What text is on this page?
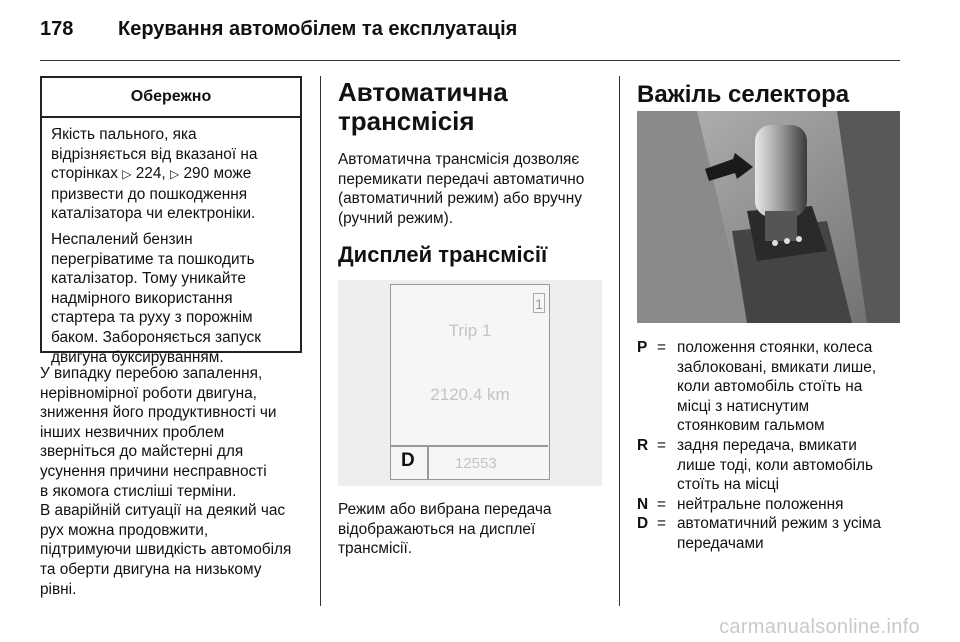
178 Керування автомобілем та експлуатація
Обережно

Якість пального, яка
відрізняється від вказаної на
сторінках ▷ 224, ▷ 290 може
призвести до пошкодження
каталізатора чи електроніки.

Неспалений бензин
перегріватиме та пошкодить
каталізатор. Тому уникайте
надмірного використання
стартера та руху з порожнім
баком. Забороняється запуск
двигуна буксируванням.

У випадку перебою запалення,
нерівномірної роботи двигуна,
зниження його продуктивності чи
інших незвичних проблем
зверніться до майстерні для
усунення причини несправності
в якомога стисліші терміни.
В аварійній ситуації на деякий час
рух можна продовжити,
підтримуючи швидкість автомобіля
та оберти двигуна на низькому
рівні.
Автоматична
трансмісія

Автоматична трансмісія дозволяє
перемикати передачі автоматично
(автоматичний режим) або вручну
(ручний режим).

Дисплей трансмісії
1
Trip 1
2120.4 km
D	12553
Режим або вибрана передача
відображаються на дисплеї
трансмісії.
Важіль селектора
P = положення стоянки, колеса
заблоковані, вмикати лише,
коли автомобіль стоїть на
місці з натиснутим
стоянковим гальмом
R = задня передача, вмикати
лише тоді, коли автомобіль
стоїть на місці
N = нейтральне положення
D = автоматичний режим з усіма
передачами
carmanualsonline.info
